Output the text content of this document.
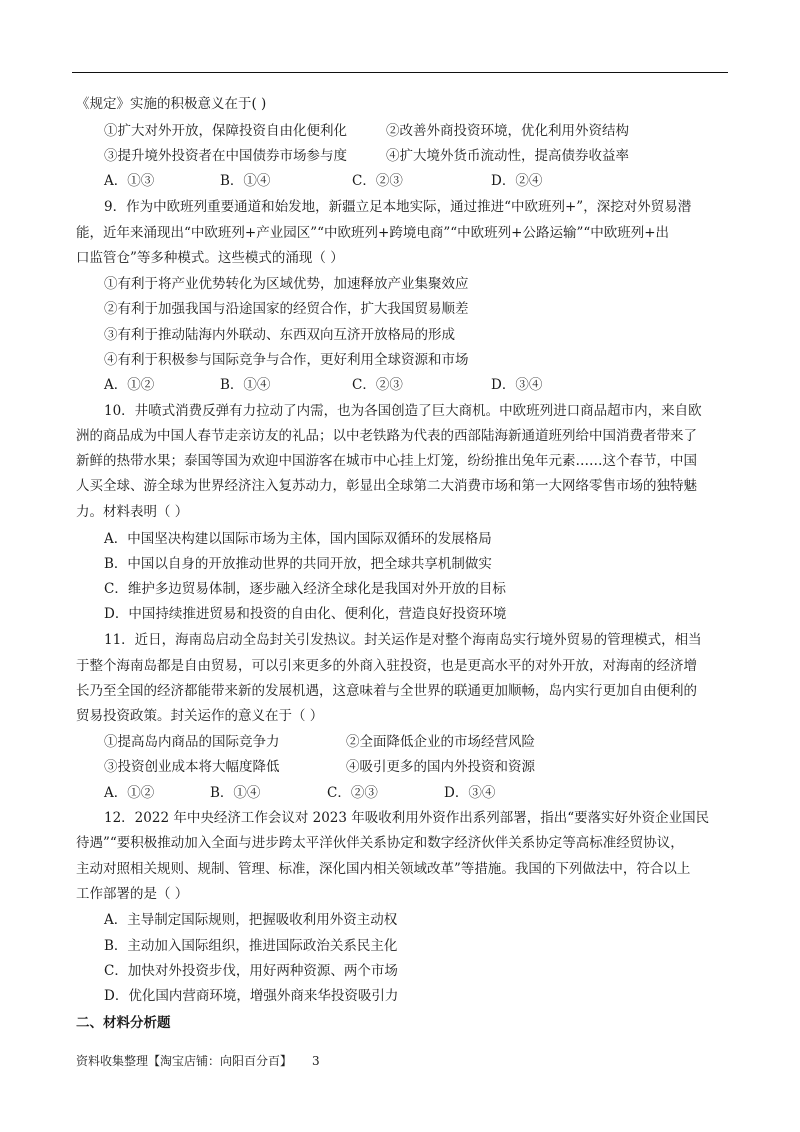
《规定》实施的积极意义在于( )
①扩大对外开放，保障投资自由化便利化	②改善外商投资环境，优化利用外资结构
③提升境外投资者在中国债券市场参与度	④扩大境外货币流动性，提高债券收益率
A．①③	B．①④	C．②③	D．②④
9．作为中欧班列重要通道和始发地，新疆立足本地实际，通过推进“中欧班列+”，深挖对外贸易潜
能，近年来涌现出“中欧班列+产业园区”“中欧班列+跨境电商”“中欧班列+公路运输”“中欧班列+出
口监管仓”等多种模式。这些模式的涌现（ ）
①有利于将产业优势转化为区域优势，加速释放产业集聚效应
②有利于加强我国与沿途国家的经贸合作，扩大我国贸易顺差
③有利于推动陆海内外联动、东西双向互济开放格局的形成
④有利于积极参与国际竞争与合作，更好利用全球资源和市场
A．①②	B．①④	C．②③	D．③④
10．井喷式消费反弹有力拉动了内需，也为各国创造了巨大商机。中欧班列进口商品超市内，来自欧
洲的商品成为中国人春节走亲访友的礼品；以中老铁路为代表的西部陆海新通道班列给中国消费者带来了
新鲜的热带水果；泰国等国为欢迎中国游客在城市中心挂上灯笼，纷纷推出兔年元素……这个春节，中国
人买全球、游全球为世界经济注入复苏动力，彰显出全球第二大消费市场和第一大网络零售市场的独特魅
力。材料表明（ ）
A．中国坚决构建以国际市场为主体，国内国际双循环的发展格局
B．中国以自身的开放推动世界的共同开放，把全球共享机制做实
C．维护多边贸易体制，逐步融入经济全球化是我国对外开放的目标
D．中国持续推进贸易和投资的自由化、便利化，营造良好投资环境
11．近日，海南岛启动全岛封关引发热议。封关运作是对整个海南岛实行境外贸易的管理模式，相当
于整个海南岛都是自由贸易，可以引来更多的外商入驻投资，也是更高水平的对外开放，对海南的经济增
长乃至全国的经济都能带来新的发展机遇，这意味着与全世界的联通更加顺畅，岛内实行更加自由便利的
贸易投资政策。封关运作的意义在于（ ）
①提高岛内商品的国际竞争力	②全面降低企业的市场经营风险
③投资创业成本将大幅度降低	④吸引更多的国内外投资和资源
A．①②	B．①④	C．②③	D．③④
12．2022 年中央经济工作会议对 2023 年吸收利用外资作出系列部署，指出“要落实好外资企业国民
待遇”“要积极推动加入全面与进步跨太平洋伙伴关系协定和数字经济伙伴关系协定等高标准经贸协议，
主动对照相关规则、规制、管理、标准，深化国内相关领域改革”等措施。我国的下列做法中，符合以上
工作部署的是（ ）
A．主导制定国际规则，把握吸收利用外资主动权
B．主动加入国际组织，推进国际政治关系民主化
C．加快对外投资步伐，用好两种资源、两个市场
D．优化国内营商环境，增强外商来华投资吸引力
二、材料分析题
资料收集整理【淘宝店铺：向阳百分百】 3
